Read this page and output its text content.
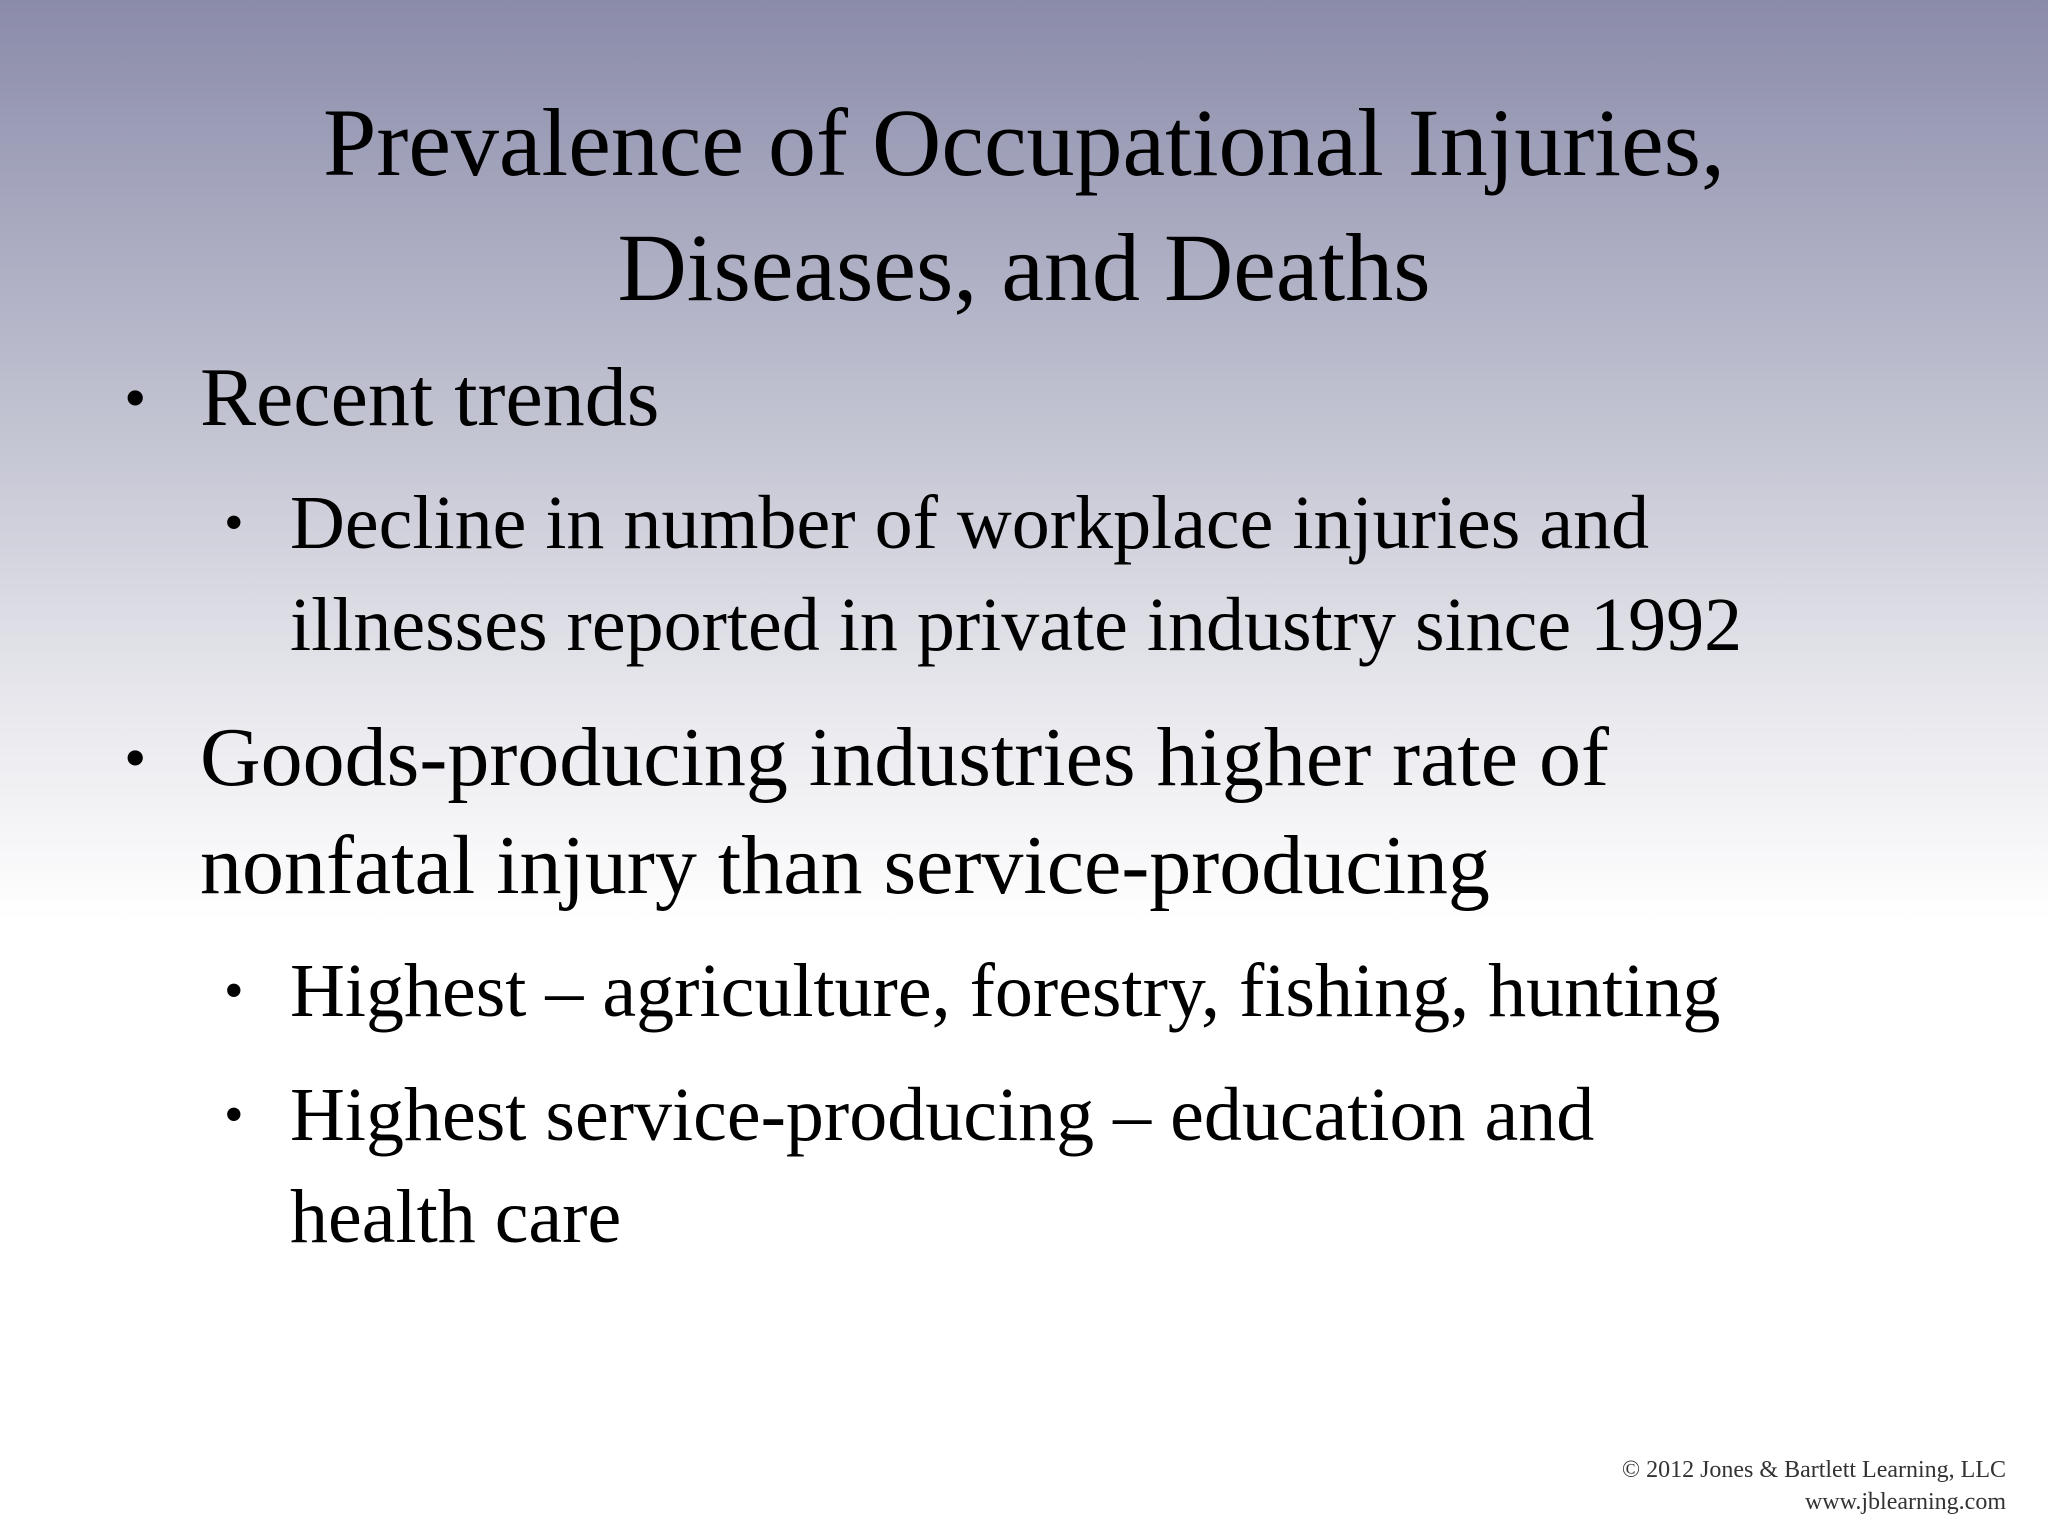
Prevalence of Occupational Injuries,
Diseases, and Deaths
• Recent trends
• Decline in number of workplace injuries and
illnesses reported in private industry since 1992
• Goods-producing industries higher rate of
nonfatal injury than service-producing
• Highest – agriculture, forestry, fishing, hunting
• Highest service-producing – education and
health care
© 2012 Jones & Bartlett Learning, LLC
www.jblearning.com
